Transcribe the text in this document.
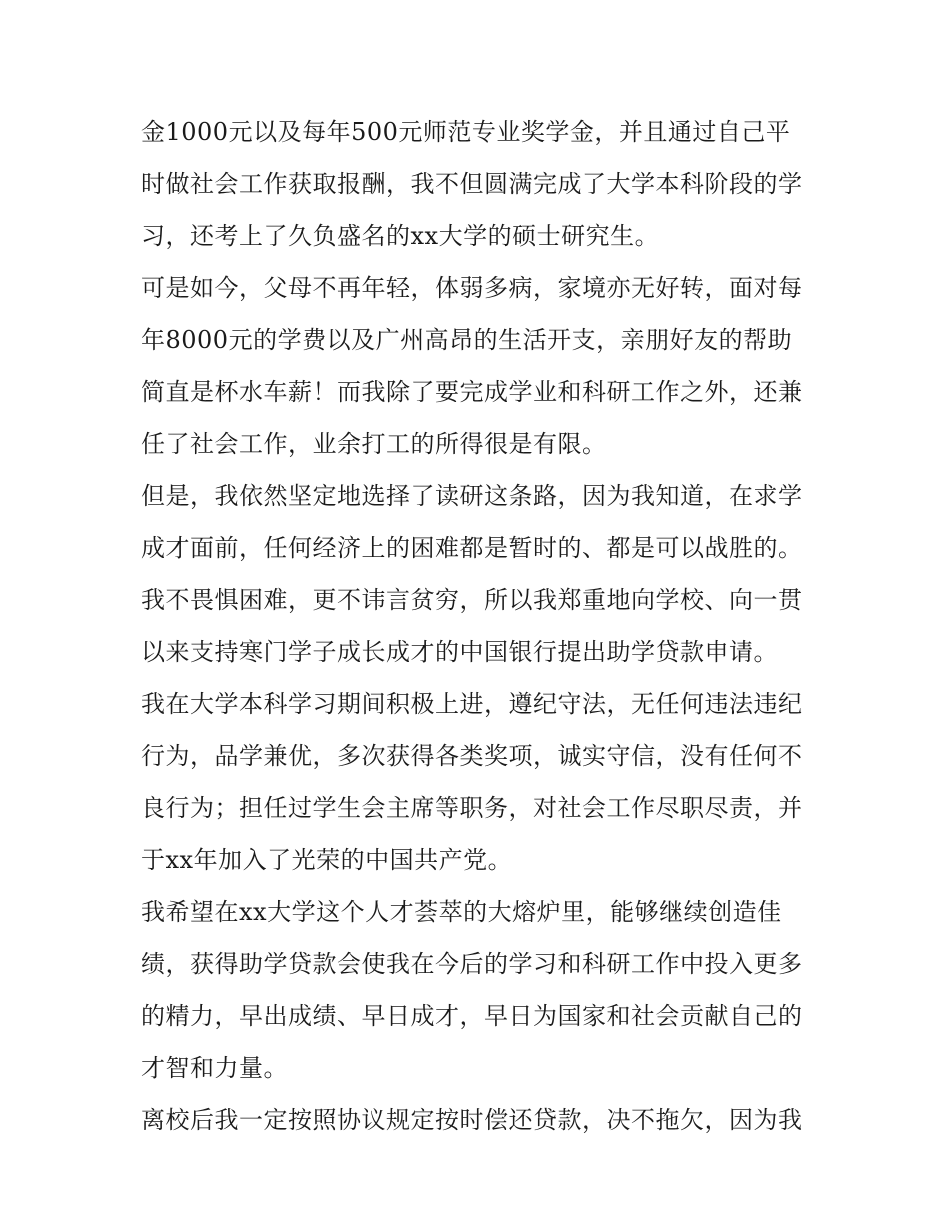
金1000元以及每年500元师范专业奖学金，并且通过自己平
时做社会工作获取报酬，我不但圆满完成了大学本科阶段的学
习，还考上了久负盛名的xx大学的硕士研究生。
可是如今，父母不再年轻，体弱多病，家境亦无好转，面对每
年8000元的学费以及广州高昂的生活开支，亲朋好友的帮助
简直是杯水车薪！而我除了要完成学业和科研工作之外，还兼
任了社会工作，业余打工的所得很是有限。
但是，我依然坚定地选择了读研这条路，因为我知道，在求学
成才面前，任何经济上的困难都是暂时的、都是可以战胜的。
我不畏惧困难，更不讳言贫穷，所以我郑重地向学校、向一贯
以来支持寒门学子成长成才的中国银行提出助学贷款申请。
我在大学本科学习期间积极上进，遵纪守法，无任何违法违纪
行为，品学兼优，多次获得各类奖项，诚实守信，没有任何不
良行为；担任过学生会主席等职务，对社会工作尽职尽责，并
于xx年加入了光荣的中国共产党。
我希望在xx大学这个人才荟萃的大熔炉里，能够继续创造佳
绩，获得助学贷款会使我在今后的学习和科研工作中投入更多
的精力，早出成绩、早日成才，早日为国家和社会贡献自己的
才智和力量。
离校后我一定按照协议规定按时偿还贷款，决不拖欠，因为我
